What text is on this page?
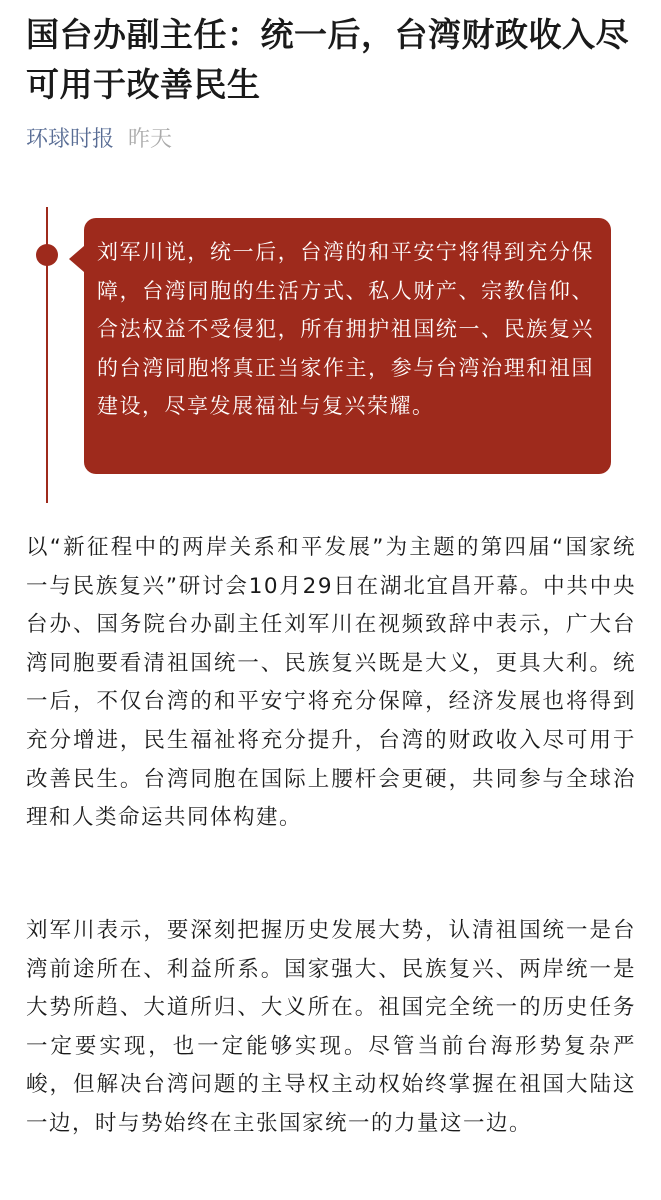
国台办副主任：统一后，台湾财政收入尽可用于改善民生
环球时报 昨天

刘军川说，统一后，台湾的和平安宁将得到充分保障，台湾同胞的生活方式、私人财产、宗教信仰、合法权益不受侵犯，所有拥护祖国统一、民族复兴的台湾同胞将真正当家作主，参与台湾治理和祖国建设，尽享发展福祉与复兴荣耀。

以“新征程中的两岸关系和平发展”为主题的第四届“国家统一与民族复兴”研讨会10月29日在湖北宜昌开幕。中共中央台办、国务院台办副主任刘军川在视频致辞中表示，广大台湾同胞要看清祖国统一、民族复兴既是大义，更具大利。统一后，不仅台湾的和平安宁将充分保障，经济发展也将得到充分增进，民生福祉将充分提升，台湾的财政收入尽可用于改善民生。台湾同胞在国际上腰杆会更硬，共同参与全球治理和人类命运共同体构建。

刘军川表示，要深刻把握历史发展大势，认清祖国统一是台湾前途所在、利益所系。国家强大、民族复兴、两岸统一是大势所趋、大道所归、大义所在。祖国完全统一的历史任务一定要实现，也一定能够实现。尽管当前台海形势复杂严峻，但解决台湾问题的主导权主动权始终掌握在祖国大陆这一边，时与势始终在主张国家统一的力量这一边。
